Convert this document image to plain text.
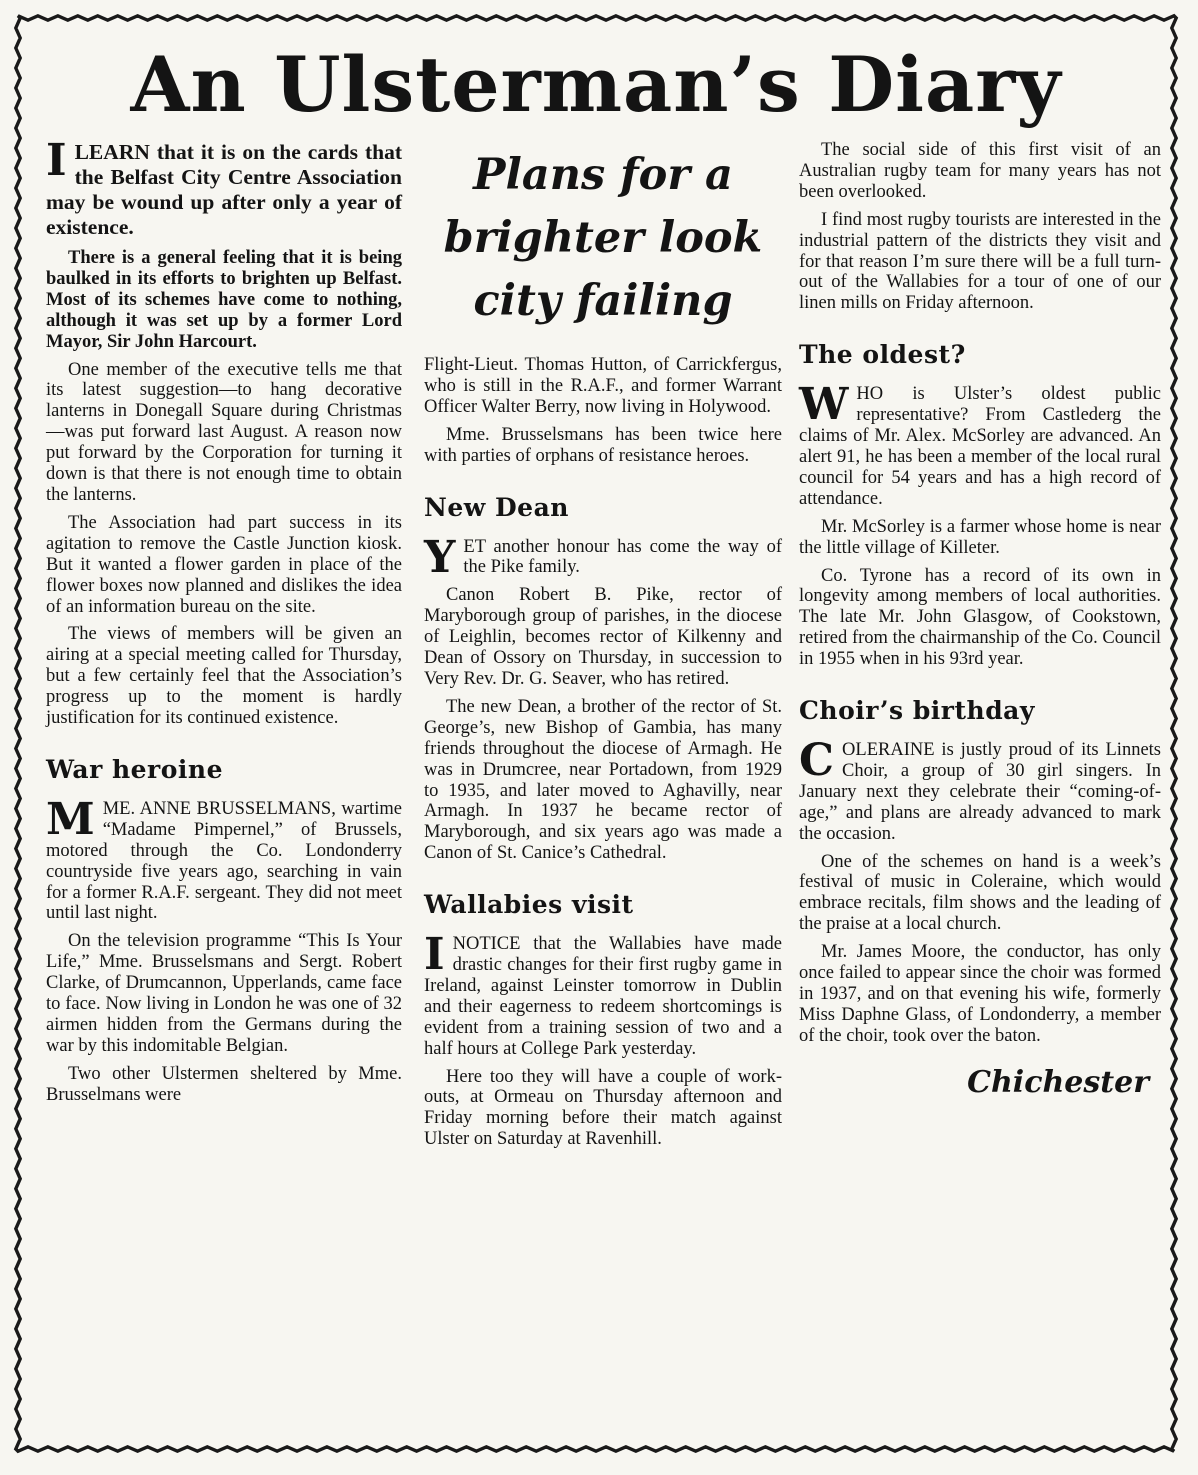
An Ulsterman’s Diary

ILEARN that it is on the cards that the Belfast City Centre Association may be wound up after only a year of existence.

There is a general feeling that it is being baulked in its efforts to brighten up Belfast. Most of its schemes have come to nothing, although it was set up by a former Lord Mayor, Sir John Harcourt.

One member of the executive tells me that its latest suggestion—to hang decorative lanterns in Donegall Square during Christmas—was put forward last August. A reason now put forward by the Corporation for turning it down is that there is not enough time to obtain the lanterns.

The Association had part success in its agitation to remove the Castle Junction kiosk. But it wanted a flower garden in place of the flower boxes now planned and dislikes the idea of an information bureau on the site.

The views of members will be given an airing at a special meeting called for Thursday, but a few certainly feel that the Association’s progress up to the moment is hardly justification for its continued existence.

War heroine

MME. ANNE BRUSSELMANS, wartime “Madame Pimpernel,” of Brussels, motored through the Co. Londonderry countryside five years ago, searching in vain for a former R.A.F. sergeant. They did not meet until last night.

On the television programme “This Is Your Life,” Mme. Brusselsmans and Sergt. Robert Clarke, of Drumcannon, Upperlands, came face to face. Now living in London he was one of 32 airmen hidden from the Germans during the war by this indomitable Belgian.

Two other Ulstermen sheltered by Mme. Brusselmans were

Plans for a brighter look city failing

Flight-Lieut. Thomas Hutton, of Carrickfergus, who is still in the R.A.F., and former Warrant Officer Walter Berry, now living in Holywood.

Mme. Brusselsmans has been twice here with parties of orphans of resistance heroes.

New Dean

YET another honour has come the way of the Pike family.

Canon Robert B. Pike, rector of Maryborough group of parishes, in the diocese of Leighlin, becomes rector of Kilkenny and Dean of Ossory on Thursday, in succession to Very Rev. Dr. G. Seaver, who has retired.

The new Dean, a brother of the rector of St. George’s, new Bishop of Gambia, has many friends throughout the diocese of Armagh. He was in Drumcree, near Portadown, from 1929 to 1935, and later moved to Aghavilly, near Armagh. In 1937 he became rector of Maryborough, and six years ago was made a Canon of St. Canice’s Cathedral.

Wallabies visit

INOTICE that the Wallabies have made drastic changes for their first rugby game in Ireland, against Leinster tomorrow in Dublin and their eagerness to redeem shortcomings is evident from a training session of two and a half hours at College Park yesterday.

Here too they will have a couple of work-outs, at Ormeau on Thursday afternoon and Friday morning before their match against Ulster on Saturday at Ravenhill.

The social side of this first visit of an Australian rugby team for many years has not been overlooked.

I find most rugby tourists are interested in the industrial pattern of the districts they visit and for that reason I’m sure there will be a full turn-out of the Wallabies for a tour of one of our linen mills on Friday afternoon.

The oldest?

WHO is Ulster’s oldest public representative? From Castlederg the claims of Mr. Alex. McSorley are advanced. An alert 91, he has been a member of the local rural council for 54 years and has a high record of attendance.

Mr. McSorley is a farmer whose home is near the little village of Killeter.

Co. Tyrone has a record of its own in longevity among members of local authorities. The late Mr. John Glasgow, of Cookstown, retired from the chairmanship of the Co. Council in 1955 when in his 93rd year.

Choir’s birthday

COLERAINE is justly proud of its Linnets Choir, a group of 30 girl singers. In January next they celebrate their “coming-of-age,” and plans are already advanced to mark the occasion.

One of the schemes on hand is a week’s festival of music in Coleraine, which would embrace recitals, film shows and the leading of the praise at a local church.

Mr. James Moore, the conductor, has only once failed to appear since the choir was formed in 1937, and on that evening his wife, formerly Miss Daphne Glass, of Londonderry, a member of the choir, took over the baton.

Chichester
